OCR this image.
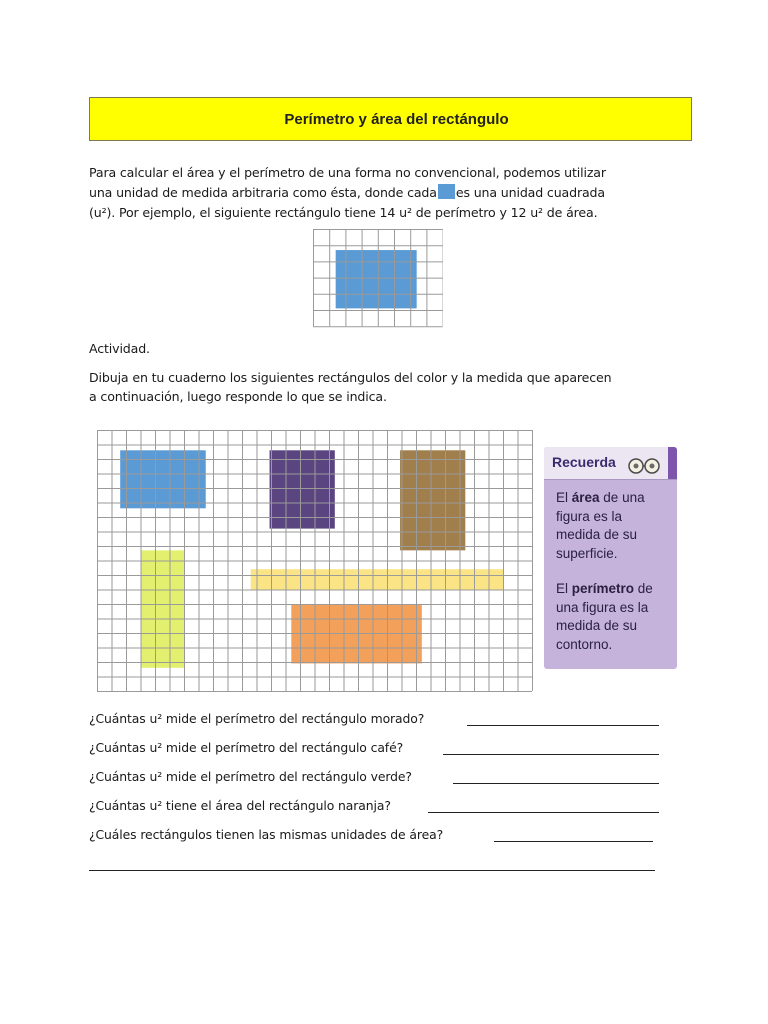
Perímetro y área del rectángulo
Para calcular el área y el perímetro de una forma no convencional, podemos utilizar
una unidad de medida arbitraria como ésta, donde cada es una unidad cuadrada
(u²). Por ejemplo, el siguiente rectángulo tiene 14 u² de perímetro y 12 u² de área.
Actividad.
Dibuja en tu cuaderno los siguientes rectángulos del color y la medida que aparecen
a continuación, luego responde lo que se indica.
Recuerda
El área de una
figura es la
medida de su
superficie.
El perímetro de
una figura es la
medida de su
contorno.
¿Cuántas u² mide el perímetro del rectángulo morado?
¿Cuántas u² mide el perímetro del rectángulo café?
¿Cuántas u² mide el perímetro del rectángulo verde?
¿Cuántas u² tiene el área del rectángulo naranja?
¿Cuáles rectángulos tienen las mismas unidades de área?
